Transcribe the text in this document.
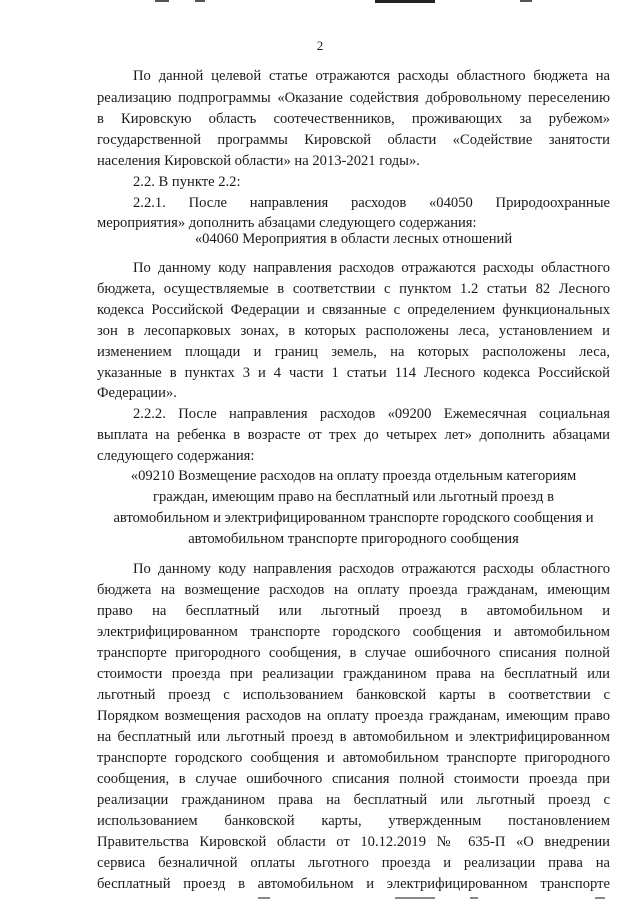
2
По данной целевой статье отражаются расходы областного бюджета на
реализацию подпрограммы «Оказание содействия добровольному переселению
в Кировскую область соотечественников, проживающих за рубежом»
государственной программы Кировской области «Содействие занятости
населения Кировской области» на 2013-2021 годы».
2.2. В пункте 2.2:
2.2.1. После направления расходов «04050 Природоохранные
мероприятия» дополнить абзацами следующего содержания:
«04060 Мероприятия в области лесных отношений
По данному коду направления расходов отражаются расходы областного
бюджета, осуществляемые в соответствии с пунктом 1.2 статьи 82 Лесного
кодекса Российской Федерации и связанные с определением функциональных
зон в лесопарковых зонах, в которых расположены леса, установлением и
изменением площади и границ земель, на которых расположены леса,
указанные в пунктах 3 и 4 части 1 статьи 114 Лесного кодекса Российской
Федерации».
2.2.2. После направления расходов «09200 Ежемесячная социальная
выплата на ребенка в возрасте от трех до четырех лет» дополнить абзацами
следующего содержания:
«09210 Возмещение расходов на оплату проезда отдельным категориям
граждан, имеющим право на бесплатный или льготный проезд в
автомобильном и электрифицированном транспорте городского сообщения и
автомобильном транспорте пригородного сообщения
По данному коду направления расходов отражаются расходы областного
бюджета на возмещение расходов на оплату проезда гражданам, имеющим
право на бесплатный или льготный проезд в автомобильном и
электрифицированном транспорте городского сообщения и автомобильном
транспорте пригородного сообщения, в случае ошибочного списания полной
стоимости проезда при реализации гражданином права на бесплатный или
льготный проезд с использованием банковской карты в соответствии с
Порядком возмещения расходов на оплату проезда гражданам, имеющим право
на бесплатный или льготный проезд в автомобильном и электрифицированном
транспорте городского сообщения и автомобильном транспорте пригородного
сообщения, в случае ошибочного списания полной стоимости проезда при
реализации гражданином права на бесплатный или льготный проезд с
использованием банковской карты, утвержденным постановлением
Правительства Кировской области от 10.12.2019 № 635-П «О внедрении
сервиса безналичной оплаты льготного проезда и реализации права на
бесплатный проезд в автомобильном и электрифицированном транспорте
